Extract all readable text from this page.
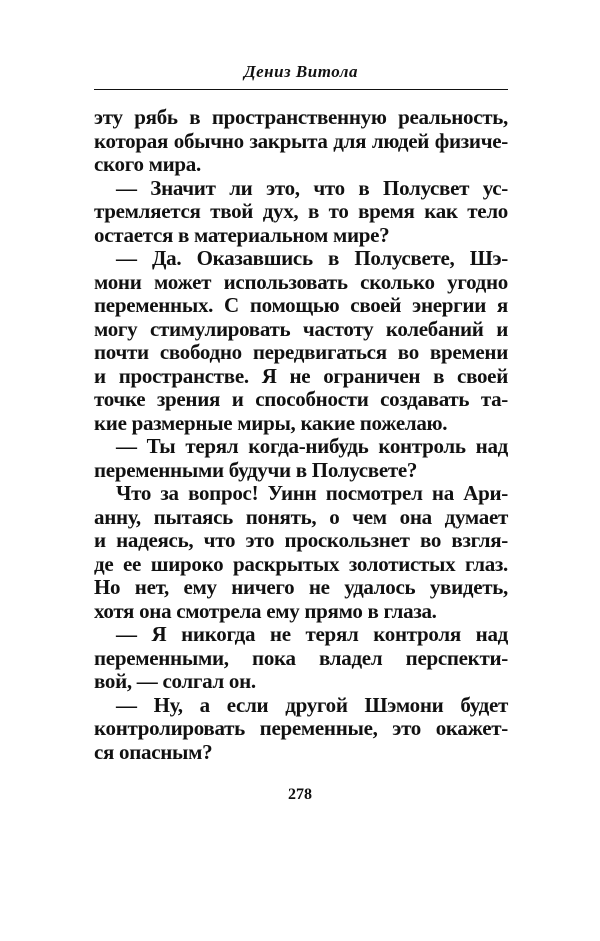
Дениз Витола
эту рябь в пространственную реальность,
которая обычно закрыта для людей физиче-
ского мира.
— Значит ли это, что в Полусвет ус-
тремляется твой дух, в то время как тело
остается в материальном мире?
— Да. Оказавшись в Полусвете, Шэ-
мони может использовать сколько угодно
переменных. С помощью своей энергии я
могу стимулировать частоту колебаний и
почти свободно передвигаться во времени
и пространстве. Я не ограничен в своей
точке зрения и способности создавать та-
кие размерные миры, какие пожелаю.
— Ты терял когда-нибудь контроль над
переменными будучи в Полусвете?
Что за вопрос! Уинн посмотрел на Ари-
анну, пытаясь понять, о чем она думает
и надеясь, что это проскользнет во взгля-
де ее широко раскрытых золотистых глаз.
Но нет, ему ничего не удалось увидеть,
хотя она смотрела ему прямо в глаза.
— Я никогда не терял контроля над
переменными, пока владел перспекти-
вой, — солгал он.
— Ну, а если другой Шэмони будет
контролировать переменные, это окажет-
ся опасным?
278
